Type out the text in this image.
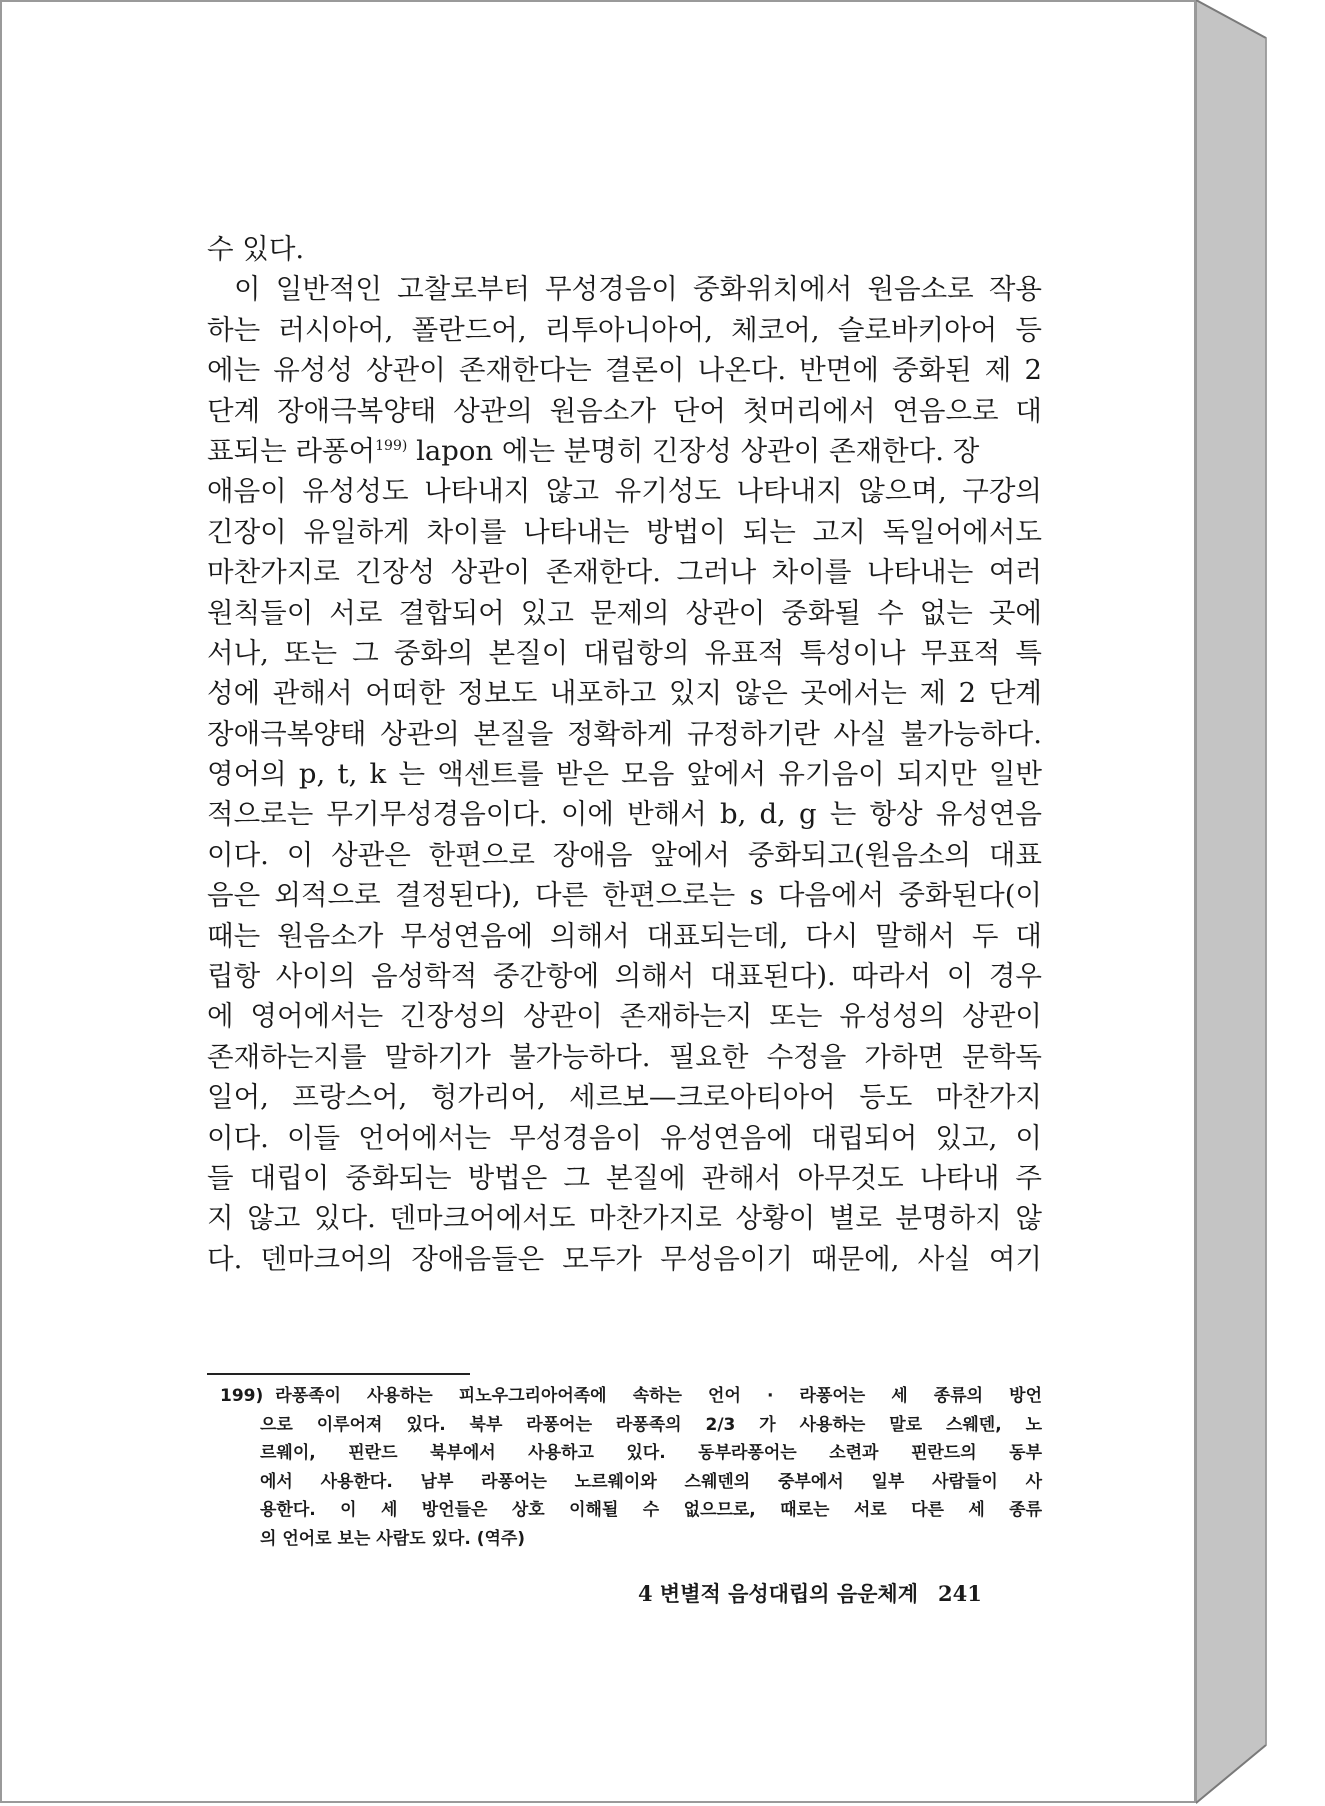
수 있다.
이 일반적인 고찰로부터 무성경음이 중화위치에서 원음소로 작용
하는 러시아어, 폴란드어, 리투아니아어, 체코어, 슬로바키아어 등
에는 유성성 상관이 존재한다는 결론이 나온다. 반면에 중화된 제 2
단계 장애극복양태 상관의 원음소가 단어 첫머리에서 연음으로 대
표되는 라퐁어$^{199)}$ lapon 에는 분명히 긴장성 상관이 존재한다. 장
애음이 유성성도 나타내지 않고 유기성도 나타내지 않으며, 구강의
긴장이 유일하게 차이를 나타내는 방법이 되는 고지 독일어에서도
마찬가지로 긴장성 상관이 존재한다. 그러나 차이를 나타내는 여러
원칙들이 서로 결합되어 있고 문제의 상관이 중화될 수 없는 곳에
서나, 또는 그 중화의 본질이 대립항의 유표적 특성이나 무표적 특
성에 관해서 어떠한 정보도 내포하고 있지 않은 곳에서는 제 2 단계
장애극복양태 상관의 본질을 정확하게 규정하기란 사실 불가능하다.
영어의 p, t, k 는 액센트를 받은 모음 앞에서 유기음이 되지만 일반
적으로는 무기무성경음이다. 이에 반해서 b, d, g 는 항상 유성연음
이다. 이 상관은 한편으로 장애음 앞에서 중화되고(원음소의 대표
음은 외적으로 결정된다), 다른 한편으로는 s 다음에서 중화된다(이
때는 원음소가 무성연음에 의해서 대표되는데, 다시 말해서 두 대
립항 사이의 음성학적 중간항에 의해서 대표된다). 따라서 이 경우
에 영어에서는 긴장성의 상관이 존재하는지 또는 유성성의 상관이
존재하는지를 말하기가 불가능하다. 필요한 수정을 가하면 문학독
일어, 프랑스어, 헝가리어, 세르보—크로아티아어 등도 마찬가지
이다. 이들 언어에서는 무성경음이 유성연음에 대립되어 있고, 이
들 대립이 중화되는 방법은 그 본질에 관해서 아무것도 나타내 주
지 않고 있다. 덴마크어에서도 마찬가지로 상황이 별로 분명하지 않
다. 덴마크어의 장애음들은 모두가 무성음이기 때문에, 사실 여기
199) 라퐁족이 사용하는 피노우그리아어족에 속하는 언어 · 라퐁어는 세 종류의 방언
으로 이루어져 있다. 북부 라퐁어는 라퐁족의 2/3 가 사용하는 말로 스웨덴, 노
르웨이, 핀란드 북부에서 사용하고 있다. 동부라퐁어는 소련과 핀란드의 동부
에서 사용한다. 남부 라퐁어는 노르웨이와 스웨덴의 중부에서 일부 사람들이 사
용한다. 이 세 방언들은 상호 이해될 수 없으므로, 때로는 서로 다른 세 종류
의 언어로 보는 사람도 있다. (역주)
4 변별적 음성대립의 음운체계 241
